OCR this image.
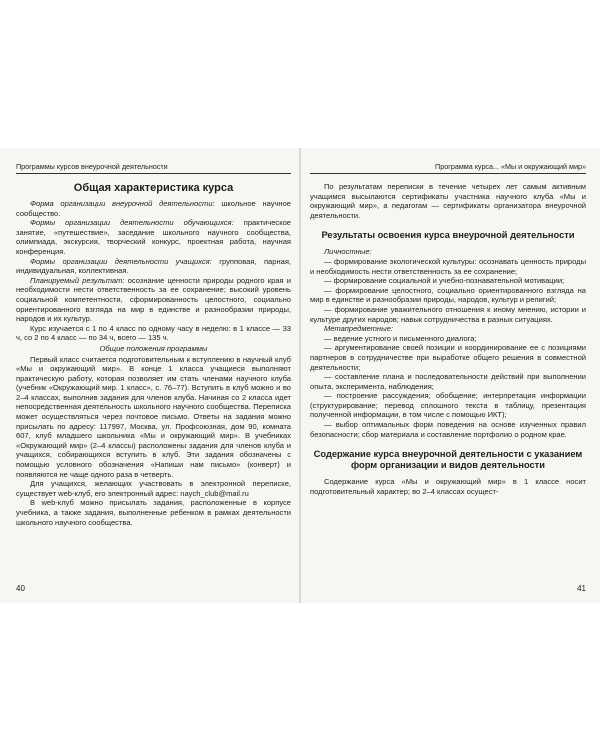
Программы курсов внеурочной деятельности
Общая характеристика курса

Форма организации внеурочной деятельности: школьное научное сообщество.

Формы организации деятельности обучающихся: практическое занятие, «путешествие», заседание школьного научного сообщества, олимпиада, экскурсия, творческий конкурс, проектная работа, научная конференция.

Формы организации деятельности учащихся: групповая, парная, индивидуальная, коллективная.

Планируемый результат: осознание ценности природы родного края и необходимости нести ответственность за ее сохранение; высокий уровень социальной компетентности, сформированность целостного, социально ориентированного взгляда на мир в единстве и разнообразии природы, народов и их культур.

Курс изучается с 1 по 4 класс по одному часу в неделю: в 1 классе — 33 ч, со 2 по 4 класс — по 34 ч, всего — 135 ч.

Общие положения программы

Первый класс считается подготовительным к вступлению в научный клуб «Мы и окружающий мир». В конце 1 класса учащиеся выполняют практическую работу, которая позволяет им стать членами научного клуба (учебник «Окружающий мир. 1 класс», с. 76–77). Вступить в клуб можно и во 2–4 классах, выполнив задания для членов клуба. Начиная со 2 класса идет непосредственная деятельность школьного научного сообщества. Переписка может осуществляться через почтовое письмо. Ответы на задания можно присылать по адресу: 117997, Москва, ул. Профсоюзная, дом 90, комната 607, клуб младшего школьника «Мы и окружающий мир». В учебниках «Окружающий мир» (2–4 классы) расположены задания для членов клуба и учащихся, собирающихся вступить в клуб. Эти задания обозначены с помощью условного обозначения «Напиши нам письмо» (конверт) и появляются не чаще одного раза в четверть.

Для учащихся, желающих участвовать в электронной переписке, существует web-клуб, его электронный адрес: naych_club@mail.ru

В web-клуб можно присылать задания, расположенные в корпусе учебника, а также задания, выполненные ребенком в рамках деятельности школьного научного сообщества.

40
Программа курса... «Мы и окружающий мир»

По результатам переписки в течение четырех лет самым активным учащимся высылаются сертификаты участника научного клуба «Мы и окружающий мир», а педагогам — сертификаты организатора внеурочной деятельности.

Результаты освоения курса внеурочной деятельности

Личностные:

— формирование экологической культуры: осознавать ценность природы и необходимость нести ответственность за ее сохранение;

— формирование социальной и учебно-познавательной мотивации;

— формирование целостного, социально ориентированного взгляда на мир в единстве и разнообразии природы, народов, культур и религий;

— формирование уважительного отношения к иному мнению, истории и культуре других народов; навык сотрудничества в разных ситуациях.

Метапредметные:

— ведение устного и письменного диалога;

— аргументирование своей позиции и координирование ее с позициями партнеров в сотрудничестве при выработке общего решения в совместной деятельности;

— составление плана и последовательности действий при выполнении опыта, эксперимента, наблюдения;

— построение рассуждения; обобщение; интерпретация информации (структурирование; перевод сплошного текста в таблицу, презентация полученной информации, в том числе с помощью ИКТ);

— выбор оптимальных форм поведения на основе изученных правил безопасности; сбор материала и составление портфолио о родном крае.

Содержание курса внеурочной деятельности с указанием форм организации и видов деятельности

Содержание курса «Мы и окружающий мир» в 1 классе носит подготовительный характер; во 2–4 классах осущест-

41
